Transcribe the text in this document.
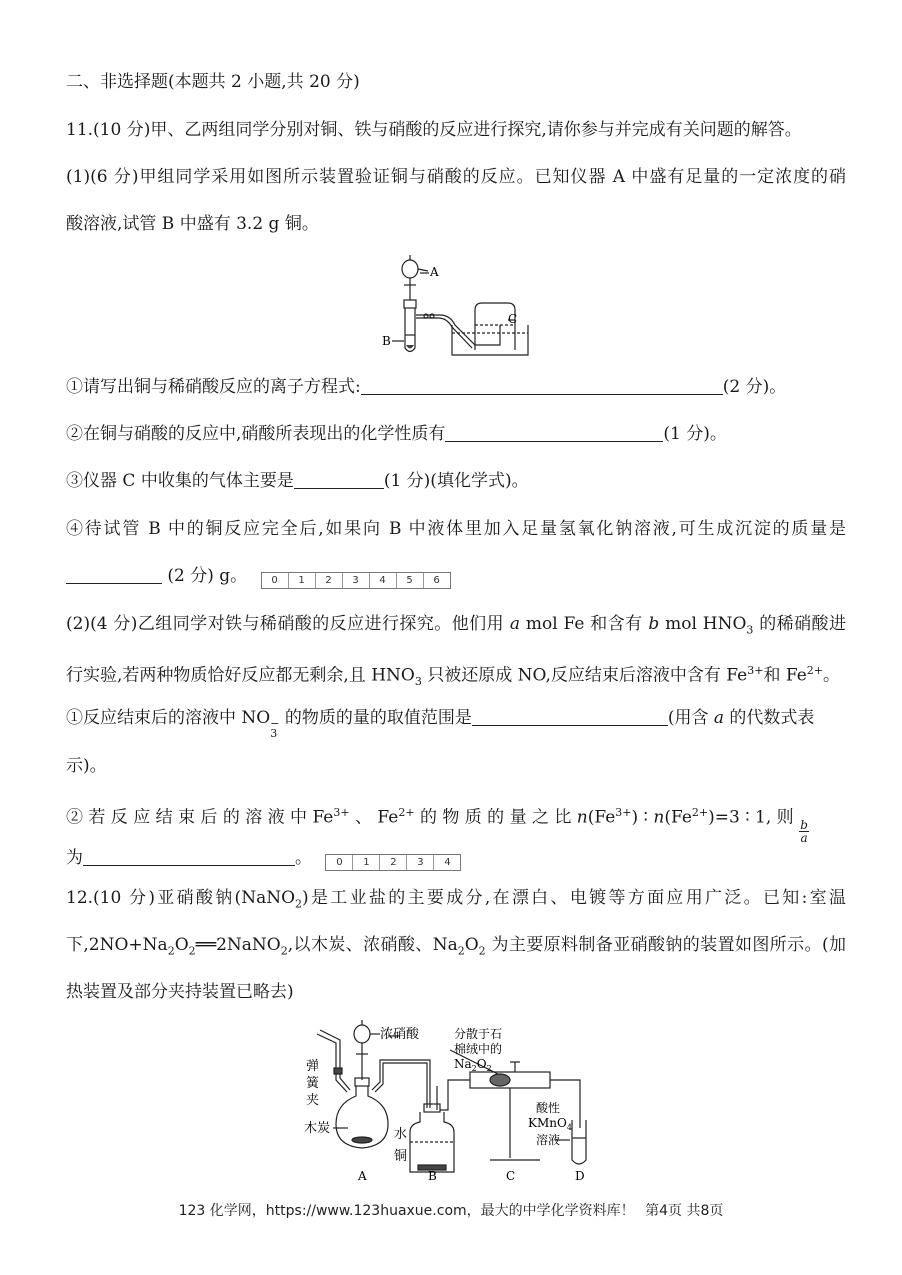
二、非选择题(本题共 2 小题,共 20 分)
11.(10 分)甲、乙两组同学分别对铜、铁与硝酸的反应进行探究,请你参与并完成有关问题的解答。
(1)(6 分)甲组同学采用如图所示装置验证铜与硝酸的反应。已知仪器 A 中盛有足量的一定浓度的硝
酸溶液,试管 B 中盛有 3.2 g 铜。
A
B
C
①请写出铜与稀硝酸反应的离子方程式:	(2 分)。
②在铜与硝酸的反应中,硝酸所表现出的化学性质有	(1 分)。
③仪器 C 中收集的气体主要是	(1 分)(填化学式)。
④待试管 B 中的铜反应完全后,如果向 B 中液体里加入足量氢氧化钠溶液,可生成沉淀的质量是
(2 分) g。	0	1	2	3	4	5	6
(2)(4 分)乙组同学对铁与稀硝酸的反应进行探究。他们用 a mol Fe 和含有 b mol $HNO_3$ 的稀硝酸进
行实验,若两种物质恰好反应都无剩余,且 $HNO_3$ 只被还原成 NO,反应结束后溶液中含有 $Fe^{3+}$和 $Fe^{2+}$。
①反应结束后的溶液中 NO −
3
的物质的量的取值范围是	(用含 a 的代数式表
示)。
② 若 反 应 结 束 后 的 溶 液 中 $Fe^{3+}$ 、 $Fe^{2+}$ 的 物 质 的 量 之 比 $n(Fe^{3+})$ ∶ $n(Fe^{2+})=3$ ∶ 1, 则
$\frac{b}{a}$
为	。	0	1	2	3	4
12.(10 分)亚硝酸钠(NaNO$_2$)是工业盐的主要成分,在漂白、电镀等方面应用广泛。已知:室温
下$,2NO+Na_2O_2══2NaNO_2$,以木炭、浓硝酸、$Na_2O_2$ 为主要原料制备亚硝酸钠的装置如图所示。(加
热装置及部分夹持装置已略去)
浓硝酸
弹
簧
夹
木炭	水
铜
分散于石
棉绒中的
$Na_2O_2$
酸性
KMnO$_4$
溶液
A	B	C	D
123 化学网，https://www.123huaxue.com，最大的中学化学资料库！ 第4页 共8页
